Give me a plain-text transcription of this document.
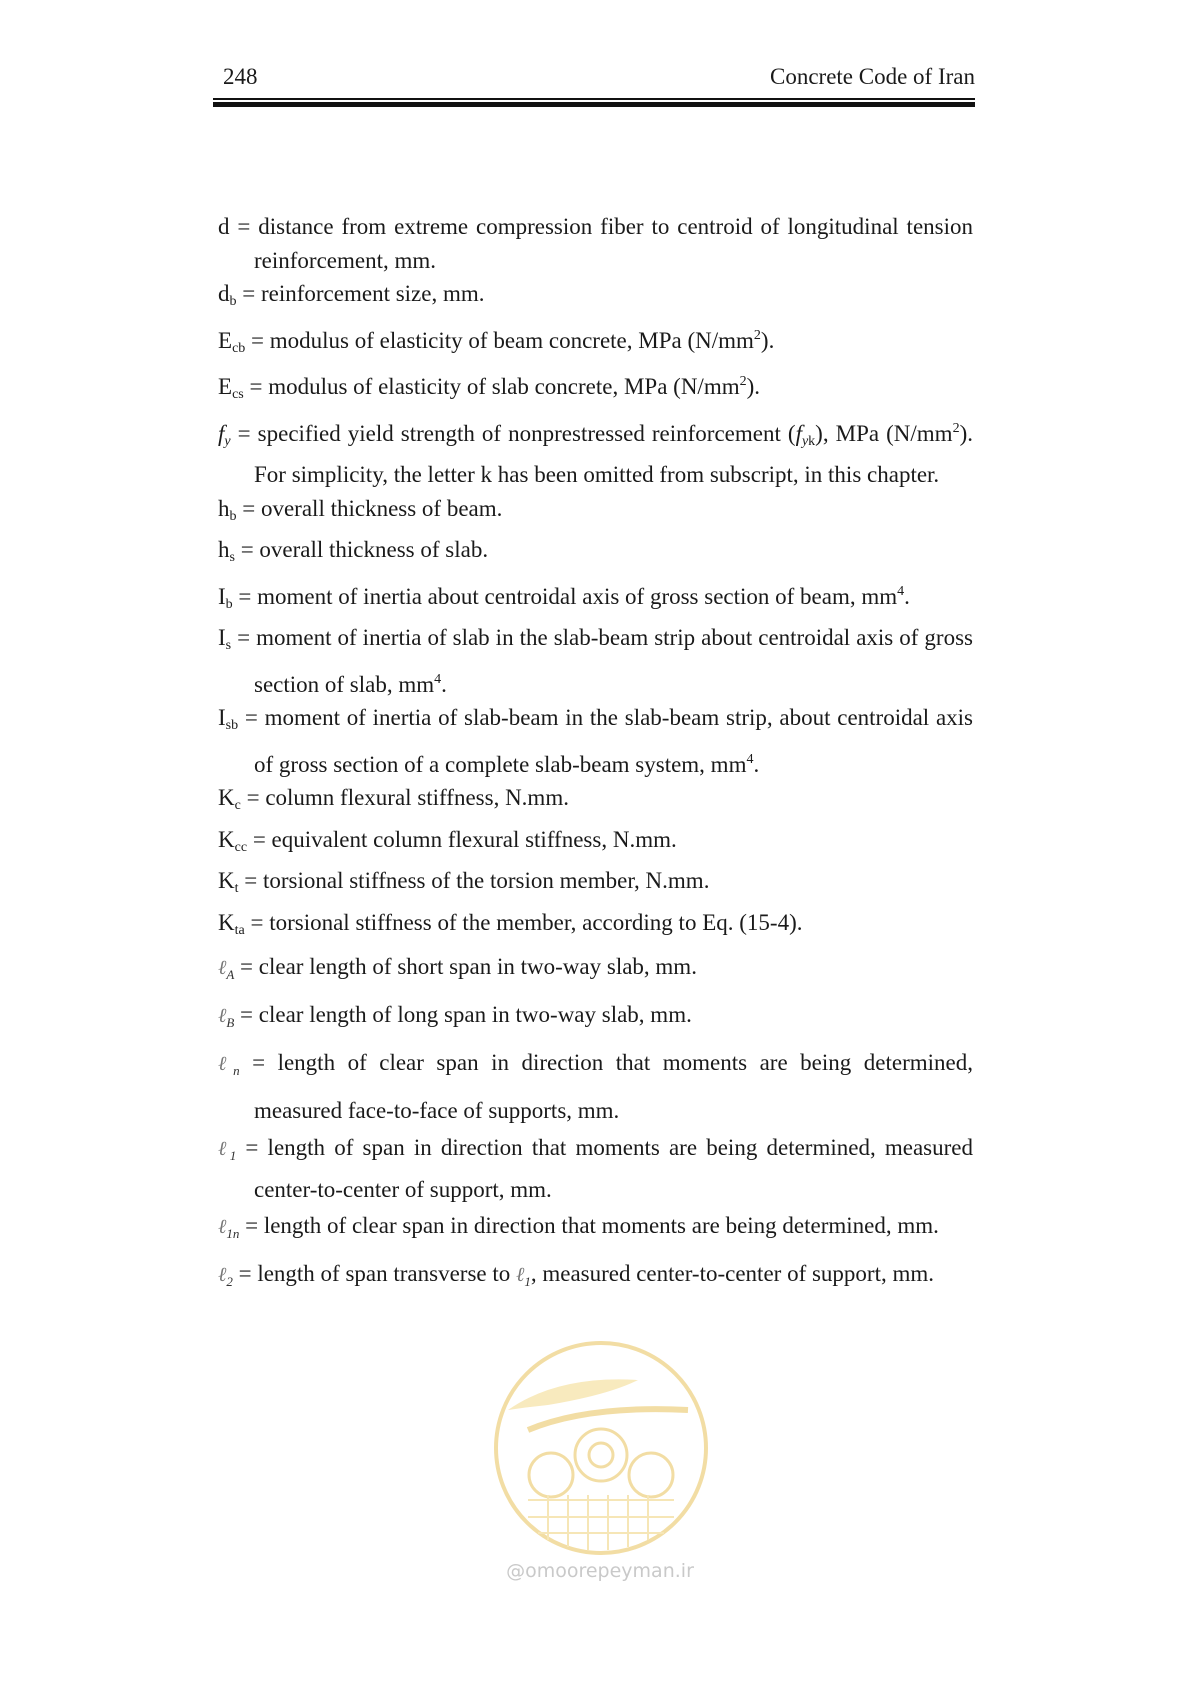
248	Concrete Code of Iran

d = distance from extreme compression fiber to centroid of longitudinal tension reinforcement, mm.

$d_b$ = reinforcement size, mm.

$E_{cb}$ = modulus of elasticity of beam concrete, MPa $(N/mm^2)$.

$E_{cs}$ = modulus of elasticity of slab concrete, MPa $(N/mm^2)$.

$f_y$ = specified yield strength of nonprestressed reinforcement $(f_{yk})$, MPa $(N/mm^2)$. For simplicity, the letter k has been omitted from subscript, in this chapter.

$h_b$ = overall thickness of beam.

$h_s$ = overall thickness of slab.

$I_b$ = moment of inertia about centroidal axis of gross section of beam, $mm^4$.

$I_s$ = moment of inertia of slab in the slab-beam strip about centroidal axis of gross section of slab, $mm^4$.

$I_{sb}$ = moment of inertia of slab-beam in the slab-beam strip, about centroidal axis of gross section of a complete slab-beam system, $mm^4$.

$K_c$ = column flexural stiffness, N.mm.

$K_{cc}$ = equivalent column flexural stiffness, N.mm.

$K_t$ = torsional stiffness of the torsion member, N.mm.

$K_{ta}$ = torsional stiffness of the member, according to Eq. (15-4).

ℓ$_A$ = clear length of short span in two-way slab, mm.

ℓ$_B$ = clear length of long span in two-way slab, mm.

ℓ$_n$ = length of clear span in direction that moments are being determined, measured face-to-face of supports, mm.

ℓ$_1$ = length of span in direction that moments are being determined, measured center-to-center of support, mm.

ℓ$_{1n}$ = length of clear span in direction that moments are being determined, mm.

ℓ$_2$ = length of span transverse to ℓ$_1$, measured center-to-center of support, mm.

@omoorepeyman.ir
